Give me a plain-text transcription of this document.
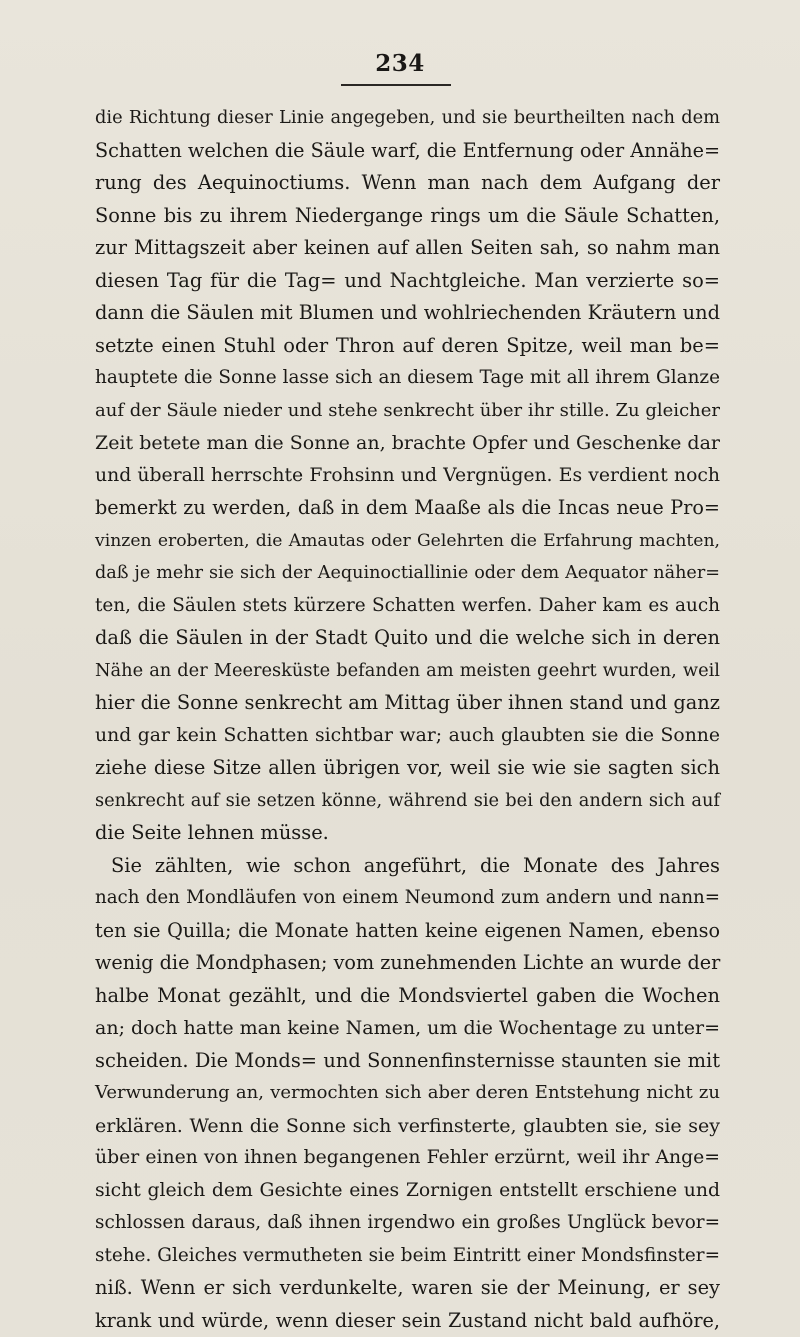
234
die Richtung dieser Linie angegeben, und sie beurtheilten nach dem
Schatten welchen die Säule warf, die Entfernung oder Annähe=
rung des Aequinoctiums. Wenn man nach dem Aufgang der
Sonne bis zu ihrem Niedergange rings um die Säule Schatten,
zur Mittagszeit aber keinen auf allen Seiten sah, so nahm man
diesen Tag für die Tag= und Nachtgleiche. Man verzierte so=
dann die Säulen mit Blumen und wohlriechenden Kräutern und
setzte einen Stuhl oder Thron auf deren Spitze, weil man be=
hauptete die Sonne lasse sich an diesem Tage mit all ihrem Glanze
auf der Säule nieder und stehe senkrecht über ihr stille. Zu gleicher
Zeit betete man die Sonne an, brachte Opfer und Geschenke dar
und überall herrschte Frohsinn und Vergnügen. Es verdient noch
bemerkt zu werden, daß in dem Maaße als die Incas neue Pro=
vinzen eroberten, die Amautas oder Gelehrten die Erfahrung machten,
daß je mehr sie sich der Aequinoctiallinie oder dem Aequator näher=
ten, die Säulen stets kürzere Schatten werfen. Daher kam es auch
daß die Säulen in der Stadt Quito und die welche sich in deren
Nähe an der Meeresküste befanden am meisten geehrt wurden, weil
hier die Sonne senkrecht am Mittag über ihnen stand und ganz
und gar kein Schatten sichtbar war; auch glaubten sie die Sonne
ziehe diese Sitze allen übrigen vor, weil sie wie sie sagten sich
senkrecht auf sie setzen könne, während sie bei den andern sich auf
die Seite lehnen müsse.
Sie zählten, wie schon angeführt, die Monate des Jahres
nach den Mondläufen von einem Neumond zum andern und nann=
ten sie Quilla; die Monate hatten keine eigenen Namen, ebenso
wenig die Mondphasen; vom zunehmenden Lichte an wurde der
halbe Monat gezählt, und die Mondsviertel gaben die Wochen
an; doch hatte man keine Namen, um die Wochentage zu unter=
scheiden. Die Monds= und Sonnenfinsternisse staunten sie mit
Verwunderung an, vermochten sich aber deren Entstehung nicht zu
erklären. Wenn die Sonne sich verfinsterte, glaubten sie, sie sey
über einen von ihnen begangenen Fehler erzürnt, weil ihr Ange=
sicht gleich dem Gesichte eines Zornigen entstellt erschiene und
schlossen daraus, daß ihnen irgendwo ein großes Unglück bevor=
stehe. Gleiches vermutheten sie beim Eintritt einer Mondsfinster=
niß. Wenn er sich verdunkelte, waren sie der Meinung, er sey
krank und würde, wenn dieser sein Zustand nicht bald aufhöre,
